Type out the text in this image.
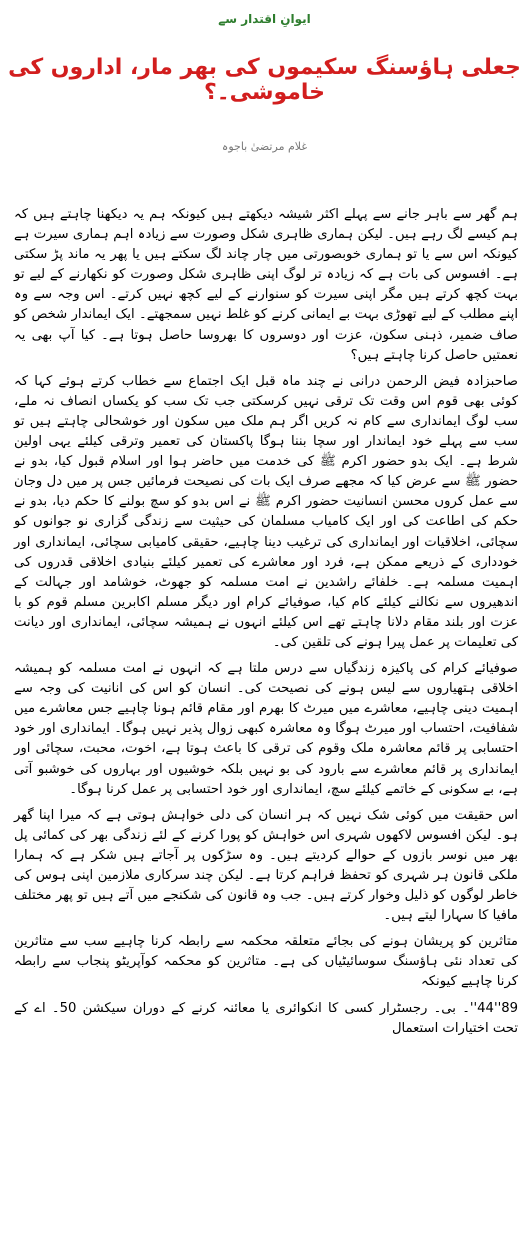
ایوانِ اقتدار سے
جعلی ہاؤسنگ سکیموں کی بھر مار، اداروں کی خاموشی۔؟
غلام مرتضیٰ باجوہ

ہم گھر سے باہر جانے سے پہلے اکثر شیشہ دیکھتے ہیں کیونکہ ہم یہ دیکھنا چاہتے ہیں کہ ہم کیسے لگ رہے ہیں۔ لیکن ہماری ظاہری شکل وصورت سے زیادہ اہم ہماری سیرت ہے کیونکہ اس سے یا تو ہماری خوبصورتی میں چار چاند لگ سکتے ہیں یا پھر یہ ماند پڑ سکتی ہے۔ افسوس کی بات ہے کہ زیادہ تر لوگ اپنی ظاہری شکل وصورت کو نکھارنے کے لیے تو بہت کچھ کرتے ہیں مگر اپنی سیرت کو سنوارنے کے لیے کچھ نہیں کرتے۔ اس وجہ سے وہ اپنے مطلب کے لیے تھوڑی بہت بے ایمانی کرنے کو غلط نہیں سمجھتے۔ ایک ایماندار شخص کو صاف ضمیر، ذہنی سکون، عزت اور دوسروں کا بھروسا حاصل ہوتا ہے۔ کیا آپ بھی یہ نعمتیں حاصل کرنا چاہتے ہیں؟

صاحبزادہ فیض الرحمن درانی نے چند ماہ قبل ایک اجتماع سے خطاب کرتے ہوئے کہا کہ کوئی بھی قوم اس وقت تک ترقی نہیں کرسکتی جب تک سب کو یکساں انصاف نہ ملے، سب لوگ ایمانداری سے کام نہ کریں اگر ہم ملک میں سکون اور خوشحالی چاہتے ہیں تو سب سے پہلے خود ایماندار اور سچا بننا ہوگا پاکستان کی تعمیر وترقی کیلئے یہی اولین شرط ہے۔ ایک بدو حضور اکرم ﷺ کی خدمت میں حاضر ہوا اور اسلام قبول کیا، بدو نے حضور ﷺ سے عرض کیا کہ مجھے صرف ایک بات کی نصیحت فرمائیں جس پر میں دل وجان سے عمل کروں محسن انسانیت حضور اکرم ﷺ نے اس بدو کو سچ بولنے کا حکم دیا، بدو نے حکم کی اطاعت کی اور ایک کامیاب مسلمان کی حیثیت سے زندگی گزاری نو جوانوں کو سچائی، اخلاقیات اور ایمانداری کی ترغیب دینا چاہیے، حقیقی کامیابی سچائی، ایمانداری اور خودداری کے ذریعے ممکن ہے، فرد اور معاشرے کی تعمیر کیلئے بنیادی اخلاقی قدروں کی اہمیت مسلمہ ہے۔ خلفائے راشدین نے امت مسلمہ کو جھوٹ، خوشامد اور جہالت کے اندھیروں سے نکالنے کیلئے کام کیا، صوفیائے کرام اور دیگر مسلم اکابرین مسلم قوم کو با عزت اور بلند مقام دلانا چاہتے تھے اس کیلئے انہوں نے ہمیشہ سچائی، ایمانداری اور دیانت کی تعلیمات پر عمل پیرا ہونے کی تلقین کی۔

صوفیائے کرام کی پاکیزہ زندگیاں سے درس ملتا ہے کہ انہوں نے امت مسلمہ کو ہمیشہ اخلاقی ہتھیاروں سے لیس ہونے کی نصیحت کی۔ انسان کو اس کی انانیت کی وجہ سے اہمیت دینی چاہیے، معاشرے میں میرٹ کا بھرم اور مقام قائم ہونا چاہیے جس معاشرے میں شفافیت، احتساب اور میرٹ ہوگا وہ معاشرہ کبھی زوال پذیر نہیں ہوگا۔ ایمانداری اور خود احتسابی پر قائم معاشرہ ملک وقوم کی ترقی کا باعث ہوتا ہے، اخوت، محبت، سچائی اور ایمانداری پر قائم معاشرے سے بارود کی بو نہیں بلکہ خوشیوں اور بہاروں کی خوشبو آتی ہے، بے سکونی کے خاتمے کیلئے سچ، ایمانداری اور خود احتسابی پر عمل کرنا ہوگا۔

اس حقیقت میں کوئی شک نہیں کہ ہر انسان کی دلی خواہش ہوتی ہے کہ میرا اپنا گھر ہو۔ لیکن افسوس لاکھوں شہری اس خواہش کو پورا کرنے کے لئے زندگی بھر کی کمائی پل بھر میں نوسر بازوں کے حوالے کردیتے ہیں۔ وہ سڑکوں پر آجاتے ہیں شکر ہے کہ ہمارا ملکی قانون ہر شہری کو تحفظ فراہم کرتا ہے۔ لیکن چند سرکاری ملازمین اپنی ہوس کی خاطر لوگوں کو ذلیل وخوار کرتے ہیں۔ جب وہ قانون کی شکنجے میں آتے ہیں تو پھر مختلف مافیا کا سہارا لیتے ہیں۔

متاثرین کو پریشان ہونے کی بجائے متعلقہ محکمہ سے رابطہ کرنا چاہیے سب سے متاثرین کی تعداد نئی ہاؤسنگ سوسائیٹیاں کی ہے۔ متاثرین کو محکمہ کوآپریٹو پنجاب سے رابطہ کرنا چاہیے کیونکہ

89''44''۔ بی۔ رجسٹرار کسی کا انکوائری یا معائنہ کرنے کے دوران سیکشن 50۔ اے کے تحت اختیارات استعمال
